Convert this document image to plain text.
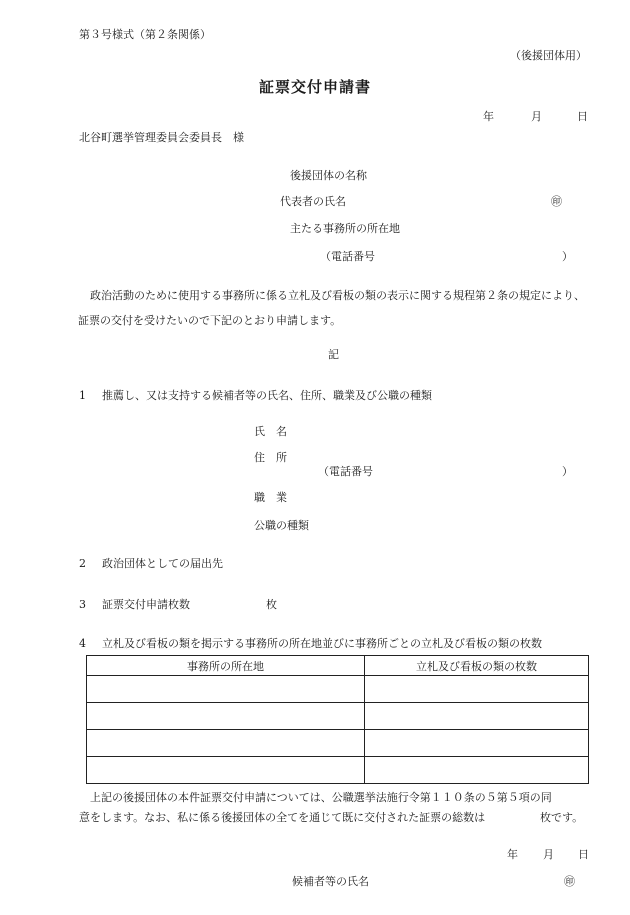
第３号様式（第２条関係）
（後援団体用）
証票交付申請書
年	月	日
北谷町選挙管理委員会委員長　様
後援団体の名称
代表者の氏名	㊞
主たる事務所の所在地
（電話番号	）
政治活動のために使用する事務所に係る立札及び看板の類の表示に関する規程第２条の規定により、証票の交付を受けたいので下記のとおり申請します。
記
1 推薦し、又は支持する候補者等の氏名、住所、職業及び公職の種類
氏　名
住　所
（電話番号	）
職　業
公職の種類
2 政治団体としての届出先
3 証票交付申請枚数	枚
4 立札及び看板の類を掲示する事務所の所在地並びに事務所ごとの立札及び看板の類の枚数
事務所の所在地	立札及び看板の類の枚数

上記の後援団体の本件証票交付申請については、公職選挙法施行令第１１０条の５第５項の同
意をします。なお、私に係る後援団体の全てを通じて既に交付された証票の総数は	枚です。
年 月 日
候補者等の氏名	㊞
